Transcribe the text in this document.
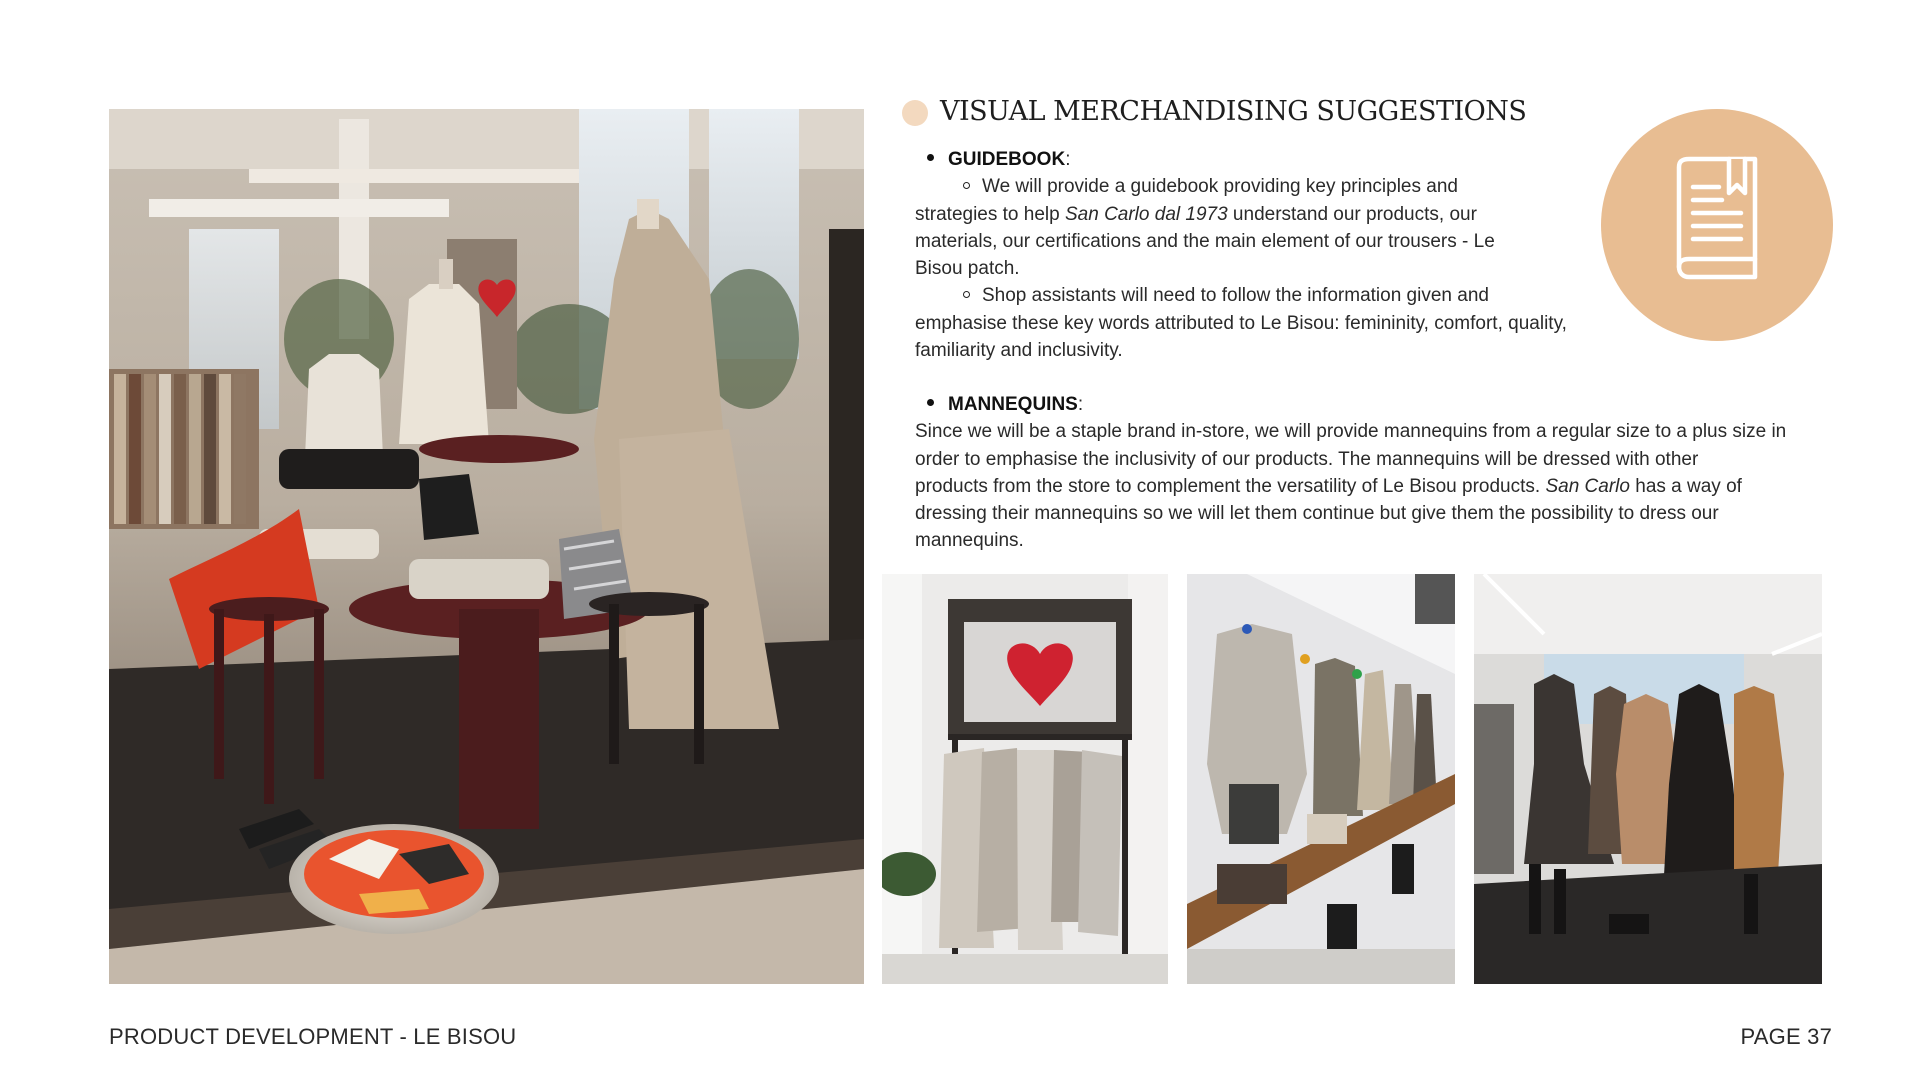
VISUAL MERCHANDISING SUGGESTIONS
GUIDEBOOK:
We will provide a guidebook providing key principles and
strategies to help San Carlo dal 1973 understand our products, our
materials, our certifications and the main element of our trousers - Le
Bisou patch.
Shop assistants will need to follow the information given and
emphasise these key words attributed to Le Bisou: femininity, comfort, quality,
familiarity and inclusivity.
MANNEQUINS:
Since we will be a staple brand in-store, we will provide mannequins from a regular size to a plus size in
order to emphasise the inclusivity of our products. The mannequins will be dressed with other
products from the store to complement the versatility of Le Bisou products. San Carlo has a way of
dressing their mannequins so we will let them continue but give them the possibility to dress our
mannequins.
PRODUCT DEVELOPMENT - LE BISOU	PAGE 37
